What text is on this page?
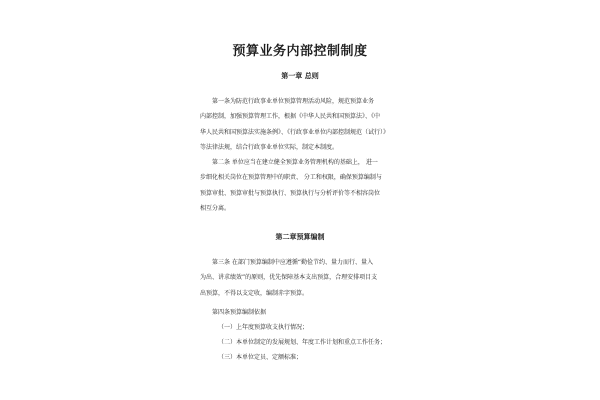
预算业务内部控制制度
第一章 总则
第一条为防范行政事业单位预算管理活动风险，规范预算业务
内部控制，加强预算管理工作，根据《中华人民共和国预算法》、《中
华人民共和国预算法实施条例》、《行政事业单位内部控制规范（试行）》
等法律法规，结合行政事业单位实际，制定本制度。
第二条 单位应当在建立健全预算业务管理机构的基础上， 进一
步细化相关岗位在预算管理中的职责、 分工和权限，确保预算编制与
预算审批、预算审批与预算执行、预算执行与分析评价等不相容岗位
相互分离。
第二章预算编制
第三条 在部门预算编制中应遵循“勤俭节约、量力而行、量入
为出、讲求绩效”的原则，优先保障基本支出预算，合理安排项目支
出预算，不得以支定收，编制赤字预算。
第四条预算编制依据
（一）上年度预算收支执行情况；
（二）本单位制定的发展规划、年度工作计划和重点工作任务；
（三）本单位定员、定额标准；
